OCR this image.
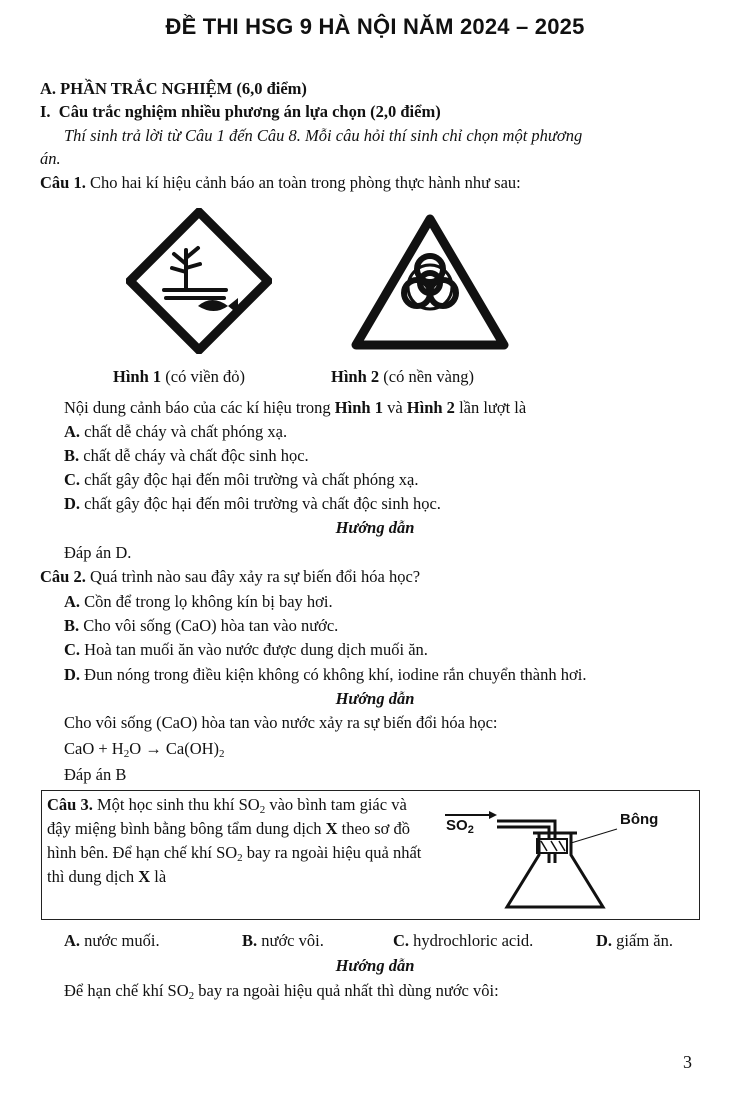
ĐỀ THI HSG 9 HÀ NỘI NĂM 2024 – 2025
A. PHẦN TRẮC NGHIỆM (6,0 điểm)
I. Câu trắc nghiệm nhiều phương án lựa chọn (2,0 điểm)
Thí sinh trả lời từ Câu 1 đến Câu 8. Mỗi câu hỏi thí sinh chỉ chọn một phương
án.
Câu 1. Cho hai kí hiệu cảnh báo an toàn trong phòng thực hành như sau:
Hình 1 (có viền đỏ)	Hình 2 (có nền vàng)
Nội dung cảnh báo của các kí hiệu trong Hình 1 và Hình 2 lần lượt là
A. chất dễ cháy và chất phóng xạ.
B. chất dễ cháy và chất độc sinh học.
C. chất gây độc hại đến môi trường và chất phóng xạ.
D. chất gây độc hại đến môi trường và chất độc sinh học.
Hướng dẫn
Đáp án D.
Câu 2. Quá trình nào sau đây xảy ra sự biến đổi hóa học?
A. Cồn để trong lọ không kín bị bay hơi.
B. Cho vôi sống (CaO) hòa tan vào nước.
C. Hoà tan muối ăn vào nước được dung dịch muối ăn.
D. Đun nóng trong điều kiện không có không khí, iodine rắn chuyển thành hơi.
Hướng dẫn
Cho vôi sống (CaO) hòa tan vào nước xảy ra sự biến đổi hóa học:
CaO + $H_2O \to Ca(OH)_2$
Đáp án B
Câu 3. Một học sinh thu khí $SO_2$ vào bình tam giác và đậy miệng bình bằng bông tẩm dung dịch X theo sơ đồ hình bên. Để hạn chế khí $SO_2$ bay ra ngoài hiệu quả nhất thì dung dịch X là
$SO_2$
Bông
A. nước muối.	B. nước vôi.	C. hydrochloric acid.	D. giấm ăn.
Hướng dẫn
Để hạn chế khí $SO_2$ bay ra ngoài hiệu quả nhất thì dùng nước vôi:
3
